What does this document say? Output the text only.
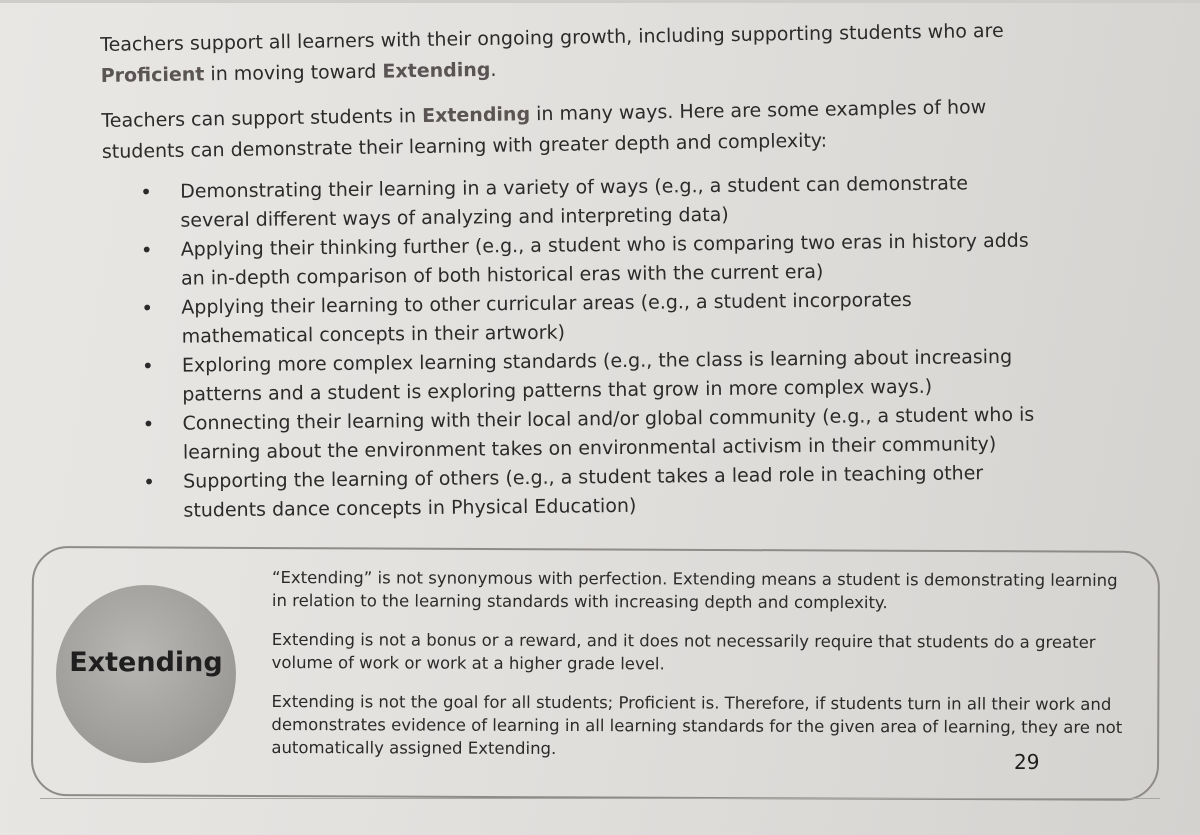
Teachers support all learners with their ongoing growth, including supporting students who are Proficient in moving toward Extending.

Teachers can support students in Extending in many ways. Here are some examples of how students can demonstrate their learning with greater depth and complexity:

• Demonstrating their learning in a variety of ways (e.g., a student can demonstrate several different ways of analyzing and interpreting data)
• Applying their thinking further (e.g., a student who is comparing two eras in history adds an in-depth comparison of both historical eras with the current era)
• Applying their learning to other curricular areas (e.g., a student incorporates mathematical concepts in their artwork)
• Exploring more complex learning standards (e.g., the class is learning about increasing patterns and a student is exploring patterns that grow in more complex ways.)
• Connecting their learning with their local and/or global community (e.g., a student who is learning about the environment takes on environmental activism in their community)
• Supporting the learning of others (e.g., a student takes a lead role in teaching other students dance concepts in Physical Education)
Extending

“Extending” is not synonymous with perfection. Extending means a student is demonstrating learning in relation to the learning standards with increasing depth and complexity.

Extending is not a bonus or a reward, and it does not necessarily require that students do a greater volume of work or work at a higher grade level.

Extending is not the goal for all students; Proficient is. Therefore, if students turn in all their work and demonstrates evidence of learning in all learning standards for the given area of learning, they are not automatically assigned Extending.

29
